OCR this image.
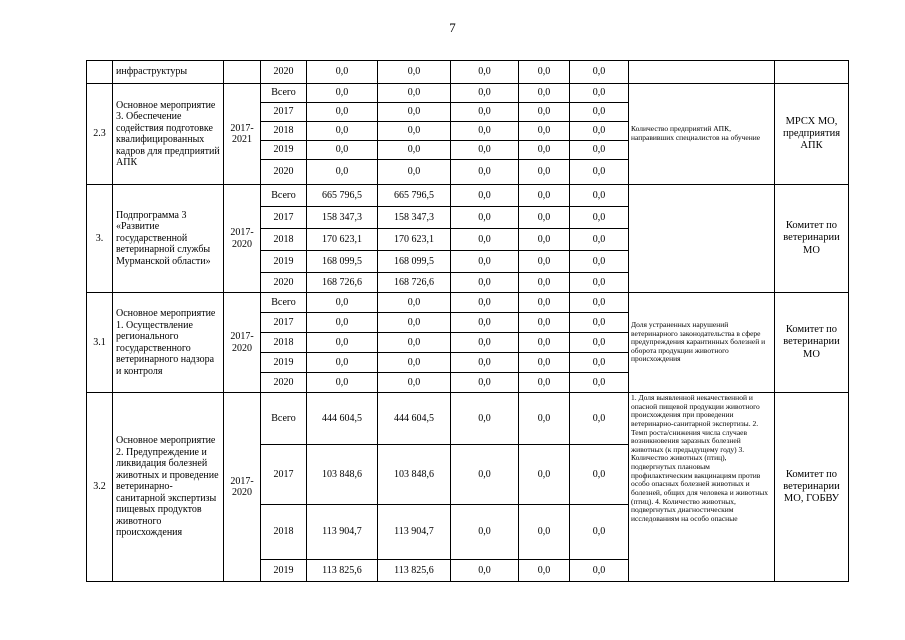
7
	инфраструктуры		2020	0,0	0,0	0,0	0,0	0,0		
2.3	Основное мероприятие 3. Обеспечение содействия подготовке квалифицированных кадров для предприятий АПК	2017-2021	Всего	0,0	0,0	0,0	0,0	0,0	Количество предприятий АПК, направивших специалистов на обучение	МРСХ МО, предприятия АПК
			2017	0,0	0,0	0,0	0,0	0,0		
			2018	0,0	0,0	0,0	0,0	0,0		
			2019	0,0	0,0	0,0	0,0	0,0		
			2020	0,0	0,0	0,0	0,0	0,0		
3.	Подпрограмма 3 «Развитие государственной ветеринарной службы Мурманской области»	2017-2020	Всего	665 796,5	665 796,5	0,0	0,0	0,0		Комитет по ветеринарии МО
			2017	158 347,3	158 347,3	0,0	0,0	0,0		
			2018	170 623,1	170 623,1	0,0	0,0	0,0		
			2019	168 099,5	168 099,5	0,0	0,0	0,0		
			2020	168 726,6	168 726,6	0,0	0,0	0,0		
3.1	Основное мероприятие 1. Осуществление регионального государственного ветеринарного надзора и контроля	2017-2020	Всего	0,0	0,0	0,0	0,0	0,0	Доля устраненных нарушений ветеринарного законодательства в сфере предупреждения карантинных болезней и оборота продукции животного происхождения	Комитет по ветеринарии МО
			2017	0,0	0,0	0,0	0,0	0,0		
			2018	0,0	0,0	0,0	0,0	0,0		
			2019	0,0	0,0	0,0	0,0	0,0		
			2020	0,0	0,0	0,0	0,0	0,0		
3.2	Основное мероприятие 2. Предупреждение и ликвидация болезней животных и проведение ветеринарно-санитарной экспертизы пищевых продуктов животного происхождения	2017-2020	Всего	444 604,5	444 604,5	0,0	0,0	0,0	1. Доля выявленной некачественной и опасной пищевой продукции животного происхождения при проведении ветеринарно-санитарной экспертизы. 2. Темп роста/снижения числа случаев возникновения заразных болезней животных (к предыдущему году) 3. Количество животных (птиц), подвергнутых плановым профилактическим вакцинациям против особо опасных болезней животных и болезней, общих для человека и животных (птиц). 4. Количество животных, подвергнутых диагностическим исследованиям на особо опасные	Комитет по ветеринарии МО, ГОБВУ
			2017	103 848,6	103 848,6	0,0	0,0	0,0		
			2018	113 904,7	113 904,7	0,0	0,0	0,0		
			2019	113 825,6	113 825,6	0,0	0,0	0,0		
